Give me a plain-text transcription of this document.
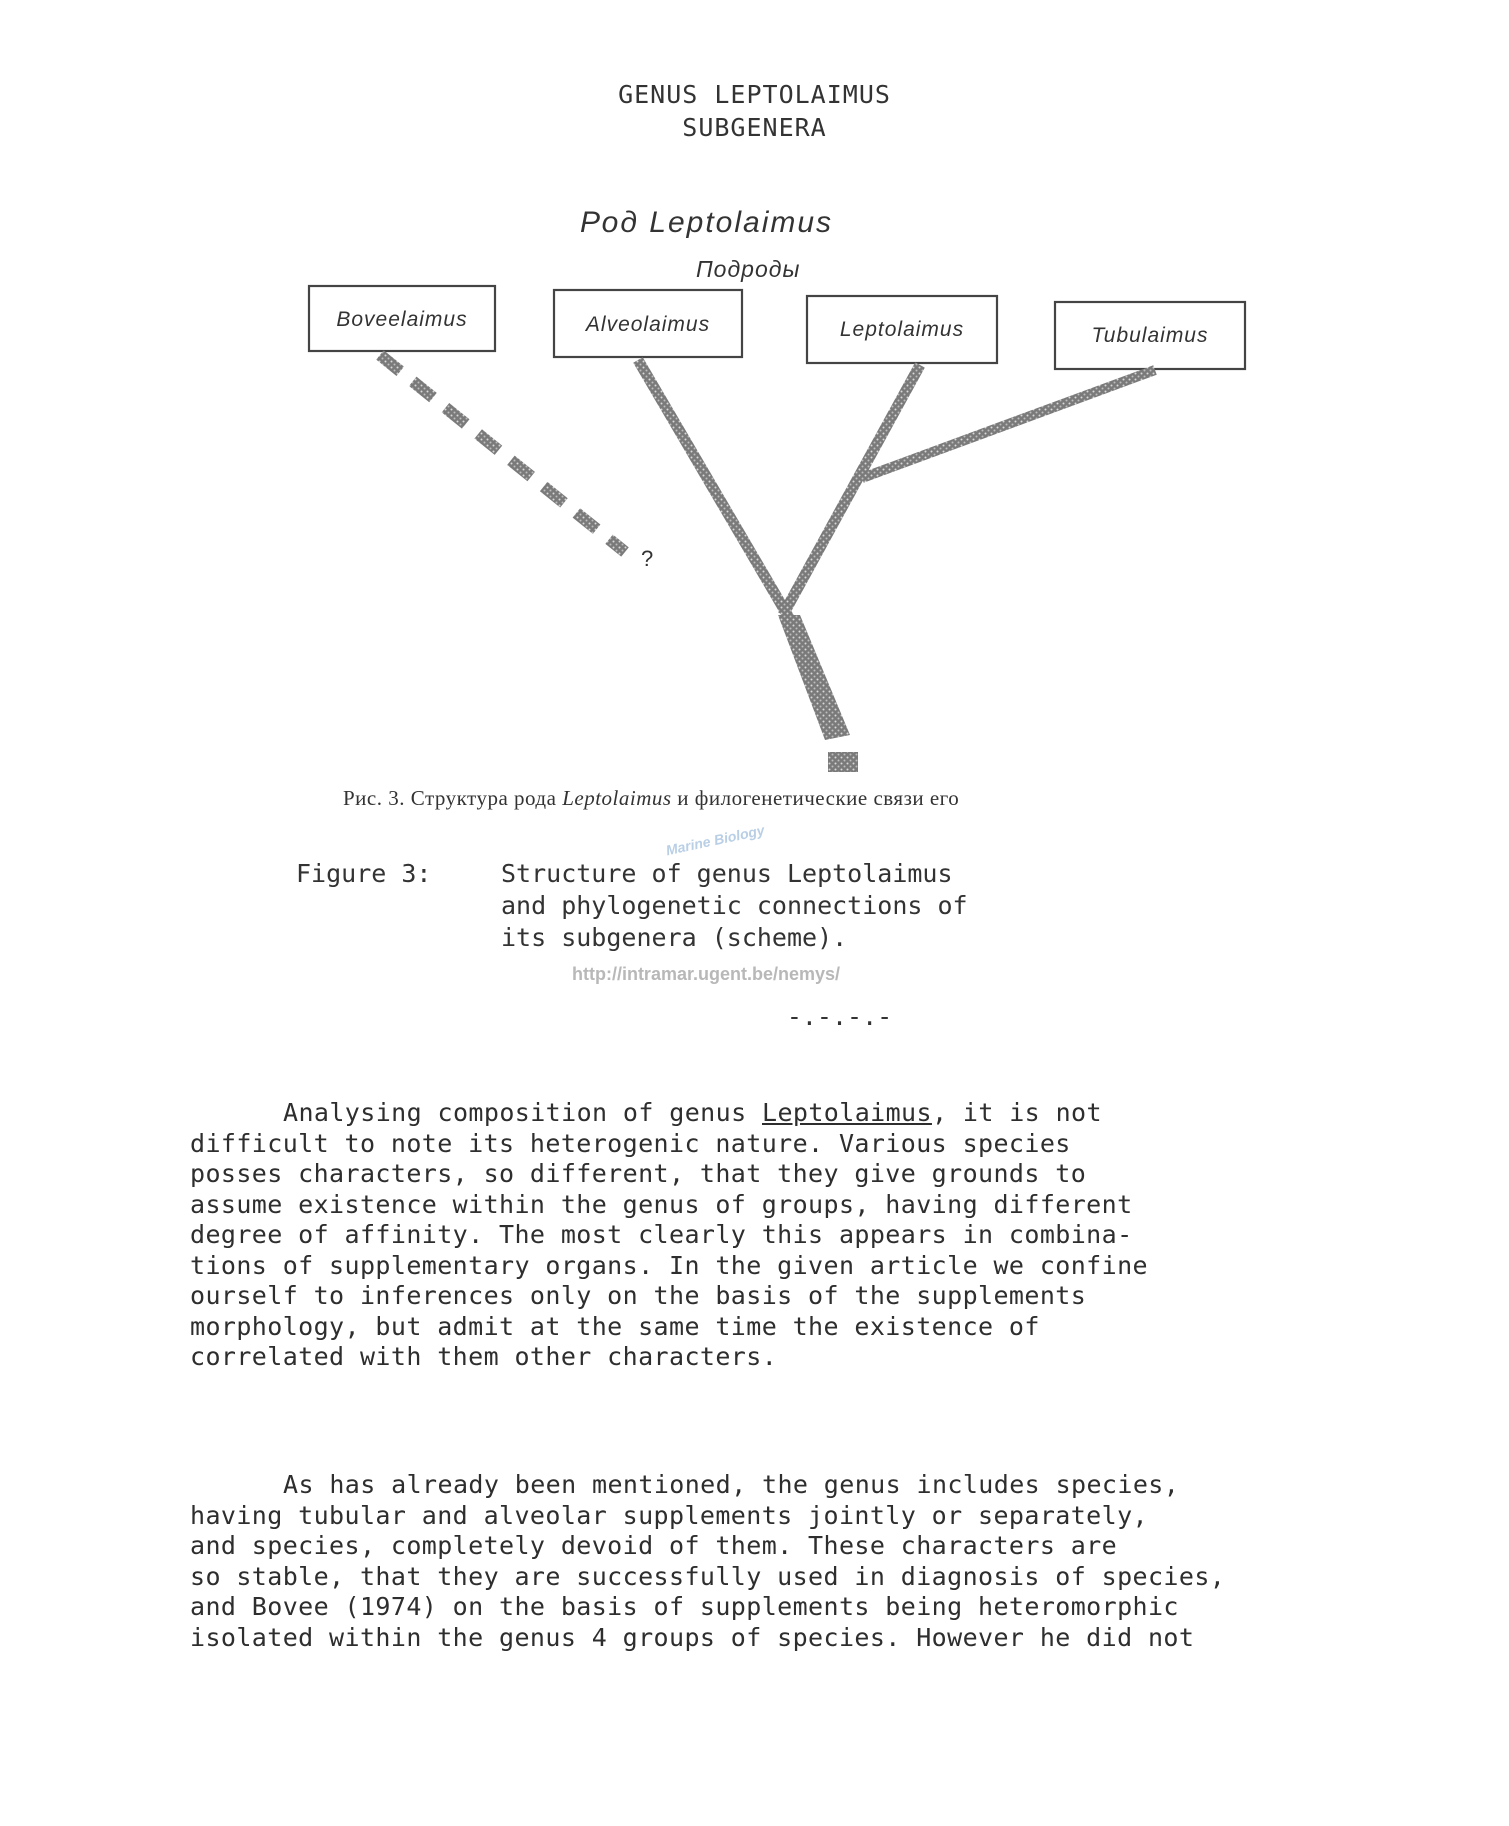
GENUS LEPTOLAIMUS
SUBGENERA
Род Leptolaimus
Подроды
Boveelaimus	Alveolaimus	Leptolaimus	Tubulaimus
?
Рис. 3. Структура рода Leptolaimus и филогенетические связи его
Marine Biology
Figure 3:	Structure of genus Leptolaimus
and phylogenetic connections of
its subgenera (scheme).
http://intramar.ugent.be/nemys/
-.-.-.-
Analysing composition of genus Leptolaimus, it is not
difficult to note its heterogenic nature. Various species
posses characters, so different, that they give grounds to
assume existence within the genus of groups, having different
degree of affinity. The most clearly this appears in combina-
tions of supplementary organs. In the given article we confine
ourself to inferences only on the basis of the supplements
morphology, but admit at the same time the existence of
correlated with them other characters.
As has already been mentioned, the genus includes species,
having tubular and alveolar supplements jointly or separately,
and species, completely devoid of them. These characters are
so stable, that they are successfully used in diagnosis of species,
and Bovee (1974) on the basis of supplements being heteromorphic
isolated within the genus 4 groups of species. However he did not
